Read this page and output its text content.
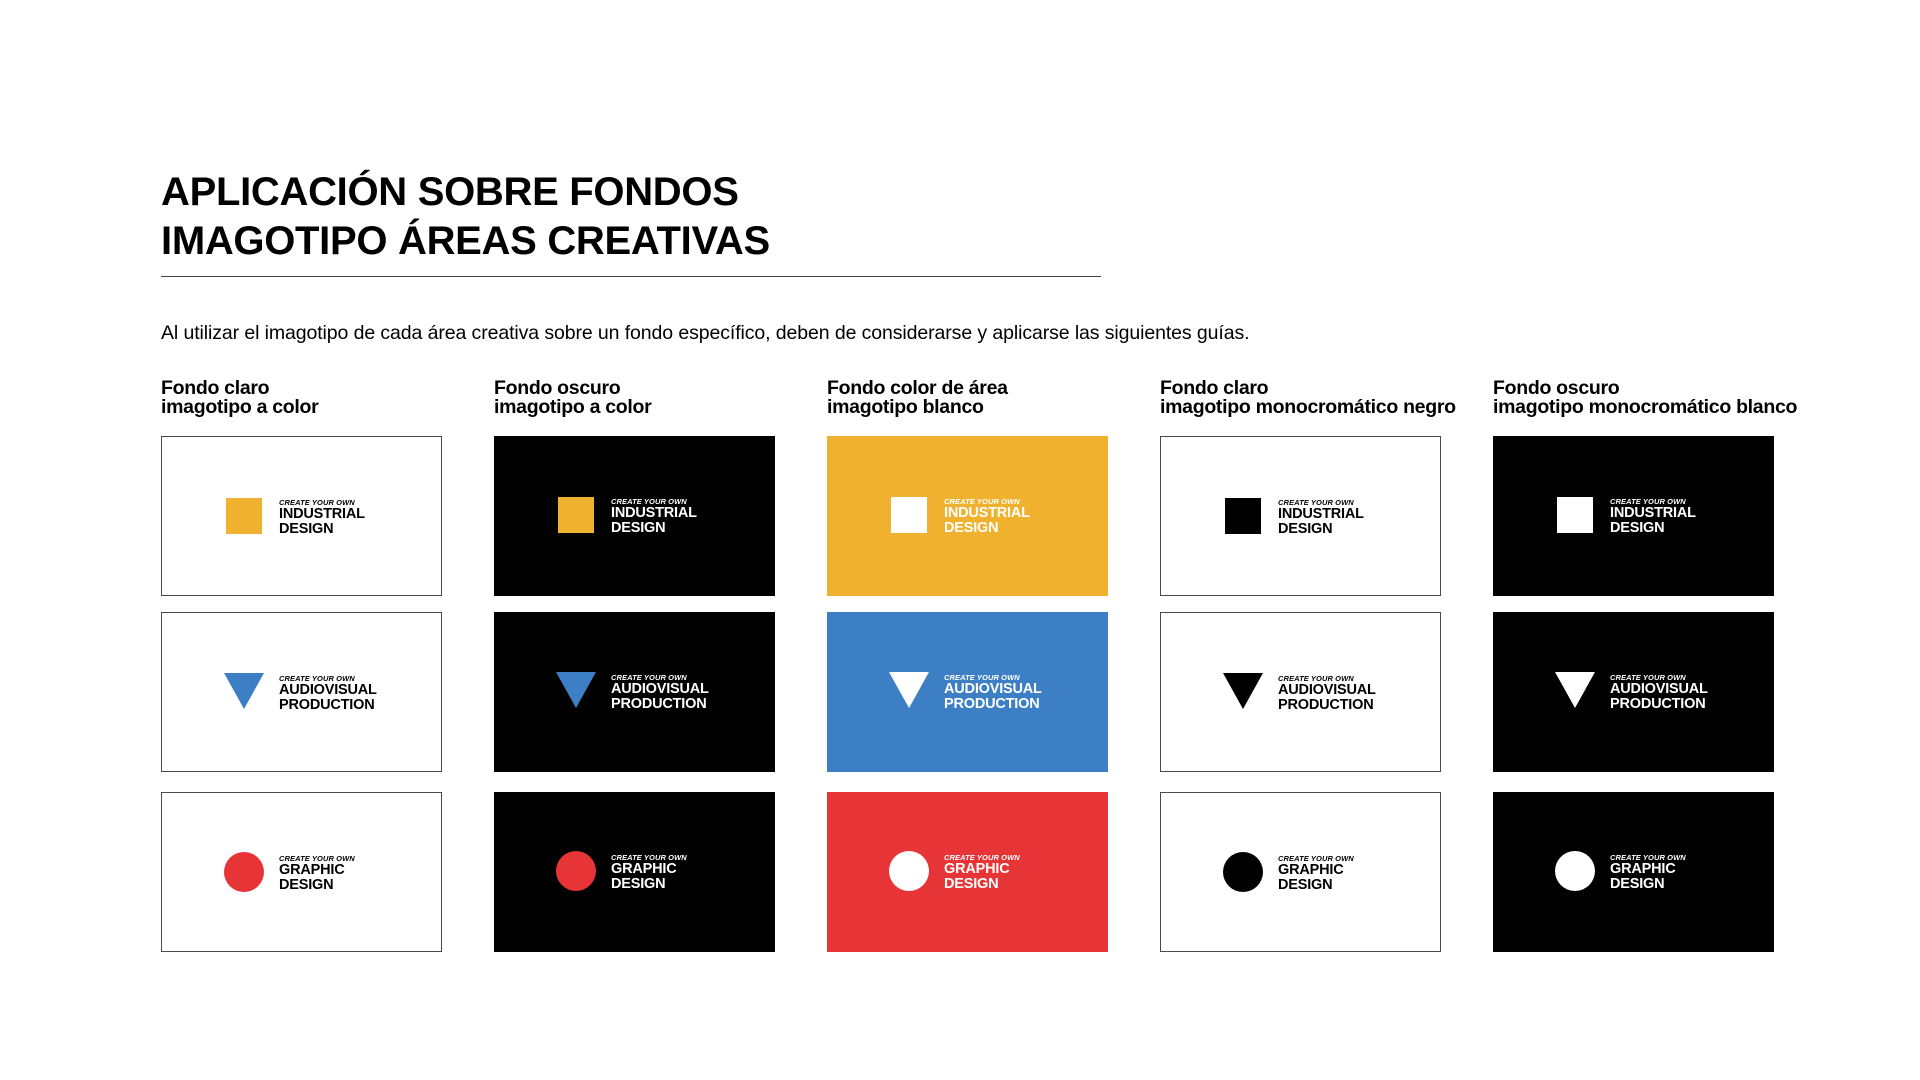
APLICACIÓN SOBRE FONDOS
IMAGOTIPO ÁREAS CREATIVAS

Al utilizar el imagotipo de cada área creativa sobre un fondo específico, deben de considerarse y aplicarse las siguientes guías.

Fondo claro
imagotipo a color
CREATE YOUR OWN
INDUSTRIAL
DESIGN
CREATE YOUR OWN
AUDIOVISUAL
PRODUCTION
CREATE YOUR OWN
GRAPHIC
DESIGN
Fondo oscuro
imagotipo a color
CREATE YOUR OWN
INDUSTRIAL
DESIGN
CREATE YOUR OWN
AUDIOVISUAL
PRODUCTION
CREATE YOUR OWN
GRAPHIC
DESIGN
Fondo color de área
imagotipo blanco
CREATE YOUR OWN
INDUSTRIAL
DESIGN
CREATE YOUR OWN
AUDIOVISUAL
PRODUCTION
CREATE YOUR OWN
GRAPHIC
DESIGN
Fondo claro
imagotipo monocromático negro
CREATE YOUR OWN
INDUSTRIAL
DESIGN
CREATE YOUR OWN
AUDIOVISUAL
PRODUCTION
CREATE YOUR OWN
GRAPHIC
DESIGN
Fondo oscuro
imagotipo monocromático blanco
CREATE YOUR OWN
INDUSTRIAL
DESIGN
CREATE YOUR OWN
AUDIOVISUAL
PRODUCTION
CREATE YOUR OWN
GRAPHIC
DESIGN
